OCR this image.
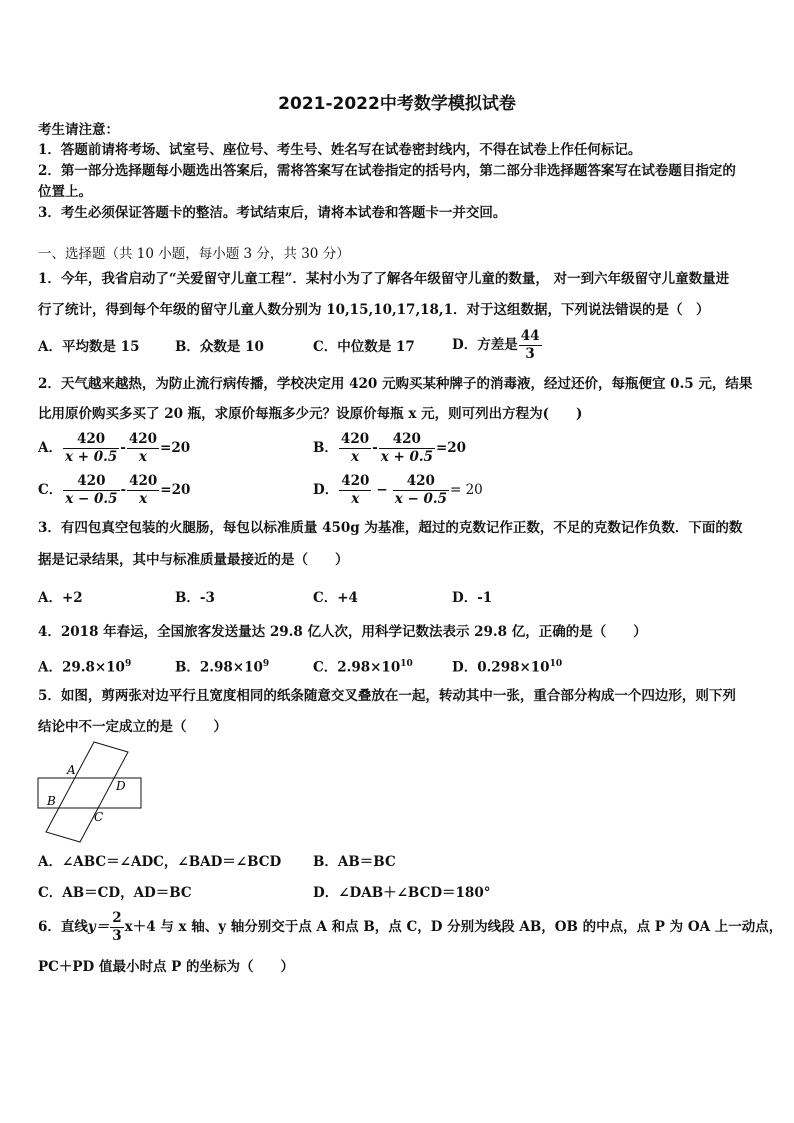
2021-2022中考数学模拟试卷
考生请注意：
1．答题前请将考场、试室号、座位号、考生号、姓名写在试卷密封线内，不得在试卷上作任何标记。
2．第一部分选择题每小题选出答案后，需将答案写在试卷指定的括号内，第二部分非选择题答案写在试卷题目指定的
位置上。
3．考生必须保证答题卡的整洁。考试结束后，请将本试卷和答题卡一并交回。
一、选择题（共 10 小题，每小题 3 分，共 30 分）
1．今年，我省启动了“关爱留守儿童工程”．某村小为了了解各年级留守儿童的数量， 对一到六年级留守儿童数量进
行了统计，得到每个年级的留守儿童人数分别为 10,15,10,17,18,1．对于这组数据，下列说法错误的是（　）
A．平均数是 15	B．众数是 10	C．中位数是 17	D．方差是 $\frac{44}{3}$
2．天气越来越热，为防止流行病传播，学校决定用 420 元购买某种牌子的消毒液，经过还价，每瓶便宜 0.5 元，结果
比用原价购买多买了 20 瓶，求原价每瓶多少元？设原价每瓶 x 元，则可列出方程为(　　)
A． $\frac{420}{x + 0.5} - \frac{420}{x} =20$	B． $\frac{420}{x} - \frac{420}{x + 0.5} =20$
C． $\frac{420}{x - 0.5} - \frac{420}{x} =20$	D． $\frac{420}{x} - \frac{420}{x - 0.5} = 20$
3．有四包真空包装的火腿肠，每包以标准质量 450g 为基准，超过的克数记作正数，不足的克数记作负数．下面的数
据是记录结果，其中与标准质量最接近的是（　　）
A．+2	B．-3	C．+4	D．-1
4．2018 年春运，全国旅客发送量达 29.8 亿人次，用科学记数法表示 29.8 亿，正确的是（　　）
A．$29.8\times 10^9$	B．$2.98\times 10^9$	C．$2.98\times 10^{10}$	D．$0.298\times 10^{10}$
5．如图，剪两张对边平行且宽度相同的纸条随意交叉叠放在一起，转动其中一张，重合部分构成一个四边形，则下列
结论中不一定成立的是（　　）
A
B
C
D
A．∠ABC＝∠ADC，∠BAD＝∠BCD B．AB＝BC
C．AB＝CD，AD＝BC	D．∠DAB＋∠BCD＝180°
6．直线$y= \frac{2}{3} x+4$ 与 x 轴、y 轴分别交于点 A 和点 B，点 C，D 分别为线段 AB，OB 的中点，点 P 为 OA 上一动点，
PC＋PD 值最小时点 P 的坐标为（　　）
